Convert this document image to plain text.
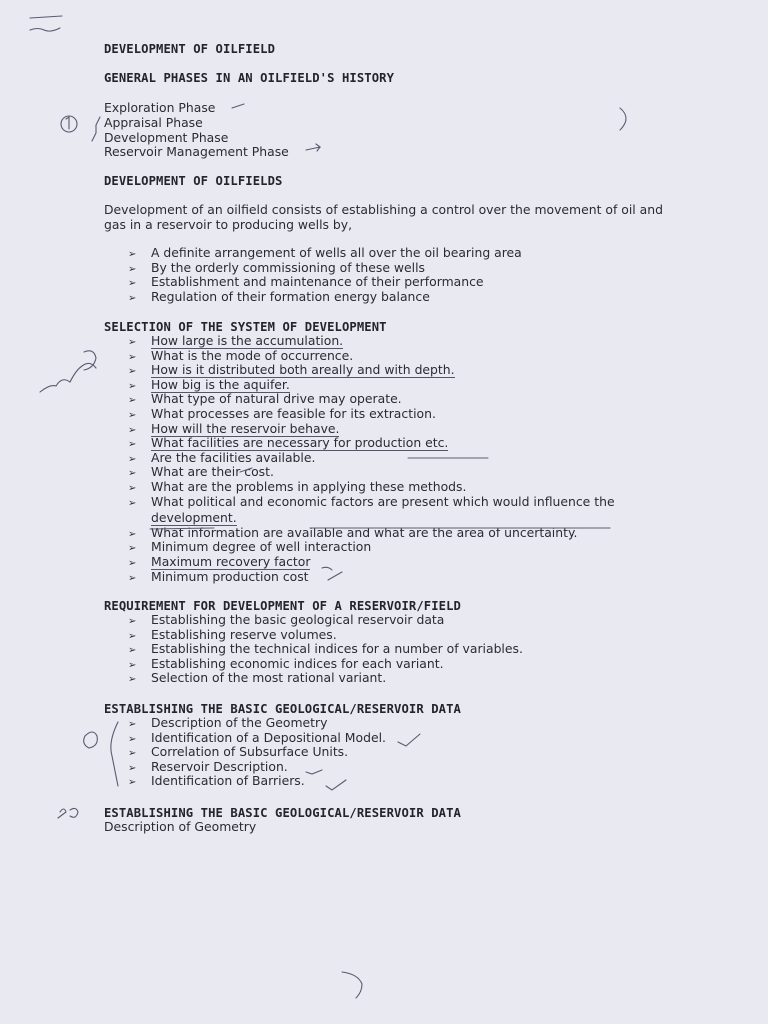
DEVELOPMENT OF OILFIELD
GENERAL PHASES IN AN OILFIELD'S HISTORY
Exploration Phase
Appraisal Phase
Development Phase
Reservoir Management Phase
DEVELOPMENT OF OILFIELDS
Development of an oilfield consists of establishing a control over the movement of oil and gas in a reservoir to producing wells by,
➢ A definite arrangement of wells all over the oil bearing area
➢ By the orderly commissioning of these wells
➢ Establishment and maintenance of their performance
➢ Regulation of their formation energy balance
SELECTION OF THE SYSTEM OF DEVELOPMENT
➢ How large is the accumulation.
➢ What is the mode of occurrence.
➢ How is it distributed both areally and with depth.
➢ How big is the aquifer.
➢ What type of natural drive may operate.
➢ What processes are feasible for its extraction.
➢ How will the reservoir behave.
➢ What facilities are necessary for production etc.
➢ Are the facilities available.
➢ What are their cost.
➢ What are the problems in applying these methods.
➢ What political and economic factors are present which would influence the
development.
➢ What information are available and what are the area of uncertainty.
➢ Minimum degree of well interaction
➢ Maximum recovery factor
➢ Minimum production cost
REQUIREMENT FOR DEVELOPMENT OF A RESERVOIR/FIELD
➢ Establishing the basic geological reservoir data
➢ Establishing reserve volumes.
➢ Establishing the technical indices for a number of variables.
➢ Establishing economic indices for each variant.
➢ Selection of the most rational variant.
ESTABLISHING THE BASIC GEOLOGICAL/RESERVOIR DATA
➢ Description of the Geometry
➢ Identification of a Depositional Model.
➢ Correlation of Subsurface Units.
➢ Reservoir Description.
➢ Identification of Barriers.
ESTABLISHING THE BASIC GEOLOGICAL/RESERVOIR DATA
Description of Geometry
